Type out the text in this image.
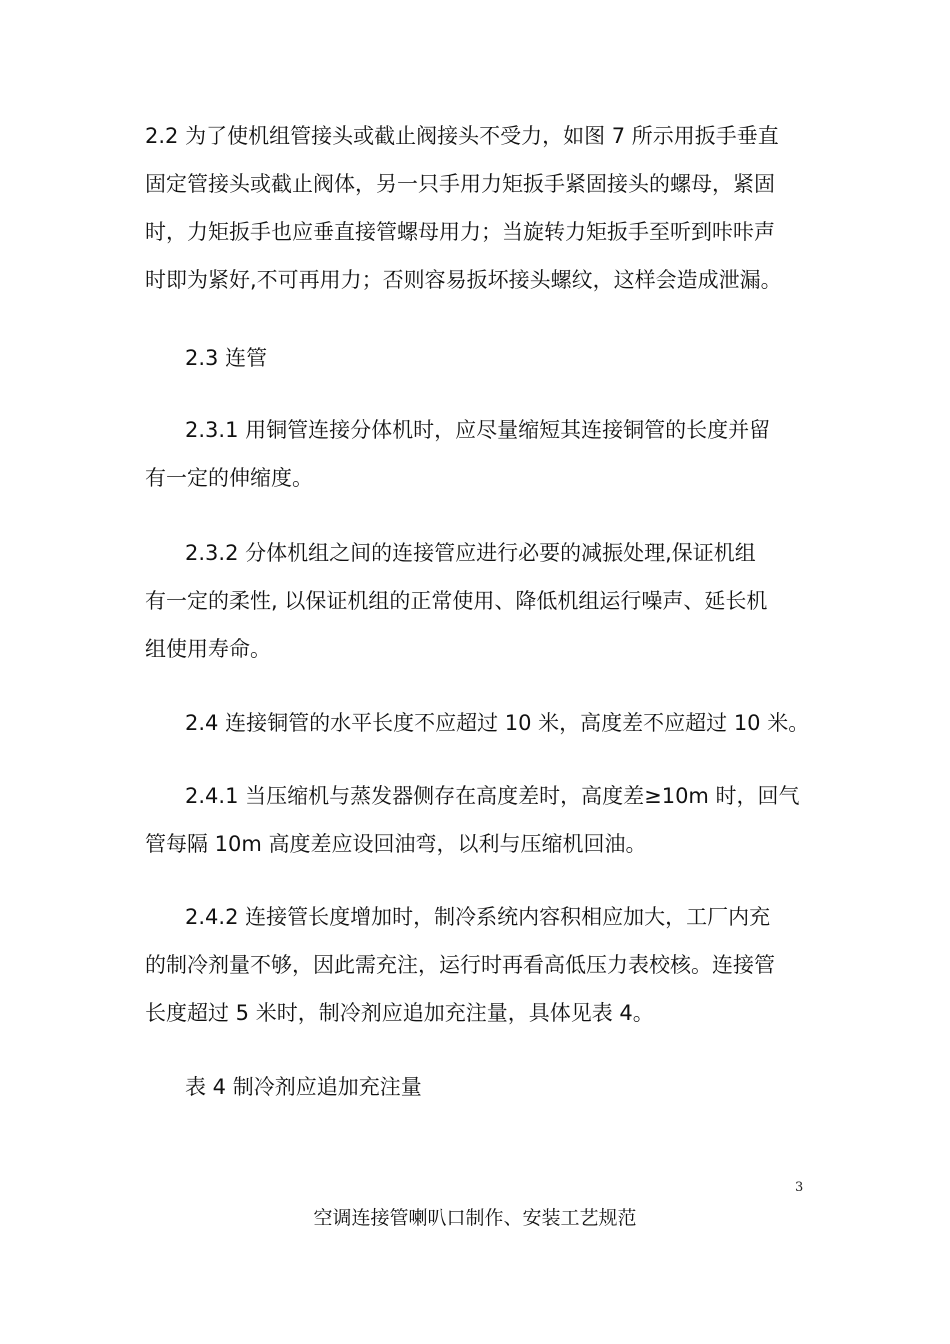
2.2 为了使机组管接头或截止阀接头不受力，如图 7 所示用扳手垂直

固定管接头或截止阀体，另一只手用力矩扳手紧固接头的螺母，紧固

时，力矩扳手也应垂直接管螺母用力；当旋转力矩扳手至听到咔咔声

时即为紧好,不可再用力；否则容易扳坏接头螺纹，这样会造成泄漏。

2.3 连管

2.3.1 用铜管连接分体机时，应尽量缩短其连接铜管的长度并留

有一定的伸缩度。

2.3.2 分体机组之间的连接管应进行必要的减振处理,保证机组

有一定的柔性, 以保证机组的正常使用、降低机组运行噪声、延长机

组使用寿命。

2.4 连接铜管的水平长度不应超过 10 米，高度差不应超过 10 米。

2.4.1 当压缩机与蒸发器侧存在高度差时，高度差≥10m 时，回气

管每隔 10m 高度差应设回油弯，以利与压缩机回油。

2.4.2 连接管长度增加时，制冷系统内容积相应加大，工厂内充

的制冷剂量不够，因此需充注，运行时再看高低压力表校核。连接管

长度超过 5 米时，制冷剂应追加充注量，具体见表 4。

表 4 制冷剂应追加充注量

3
空调连接管喇叭口制作、安装工艺规范
